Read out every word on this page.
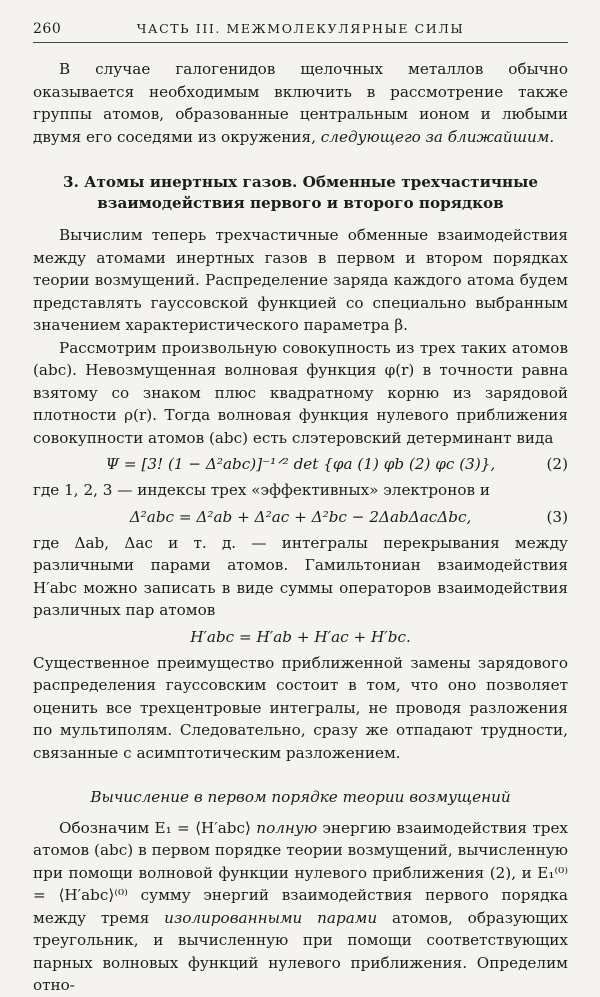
260	ЧАСТЬ III. МЕЖМОЛЕКУЛЯРНЫЕ СИЛЫ

В случае галогенидов щелочных металлов обычно оказывается необходимым включить в рассмотрение также группы атомов, образованные центральным ионом и любыми двумя его соседями из окружения, следующего за ближайшим.

3. Атомы инертных газов. Обменные трехчастичные
взаимодействия первого и второго порядков

Вычислим теперь трехчастичные обменные взаимодействия между атомами инертных газов в первом и втором порядках теории возмущений. Распределение заряда каждого атома будем представлять гауссовской функцией со специально выбранным значением характеристического параметра β.

Рассмотрим произвольную совокупность из трех таких атомов (abc). Невозмущенная волновая функция φ(r) в точности равна взятому со знаком плюс квадратному корню из зарядовой плотности ρ(r). Тогда волновая функция нулевого приближения совокупности атомов (abc) есть слэтеровский детерминант вида

Ψ = [3! (1 − Δ²abc)]⁻¹ᐟ² det {φa (1) φb (2) φc (3)},	(2)

где 1, 2, 3 — индексы трех «эффективных» электронов и

Δ²abc = Δ²ab + Δ²ac + Δ²bc − 2ΔabΔacΔbc,	(3)

где Δab, Δac и т. д. — интегралы перекрывания между различными парами атомов. Гамильтониан взаимодействия H′abc можно записать в виде суммы операторов взаимодействия различных пар атомов

H′abc = H′ab + H′ac + H′bc.

Существенное преимущество приближенной замены зарядового распределения гауссовским состоит в том, что оно позволяет оценить все трехцентровые интегралы, не проводя разложения по мультиполям. Следовательно, сразу же отпадают трудности, связанные с асимптотическим разложением.

Вычисление в первом порядке теории возмущений

Обозначим E₁ = ⟨H′abc⟩ полную энергию взаимодействия трех атомов (abc) в первом порядке теории возмущений, вычисленную при помощи волновой функции нулевого приближения (2), и E₁⁽⁰⁾ = ⟨H′abc⟩⁽⁰⁾ сумму энергий взаимодействия первого порядка между тремя изолированными парами атомов, образующих треугольник, и вычисленную при помощи соответствующих парных волновых функций нулевого приближения. Определим отно-
